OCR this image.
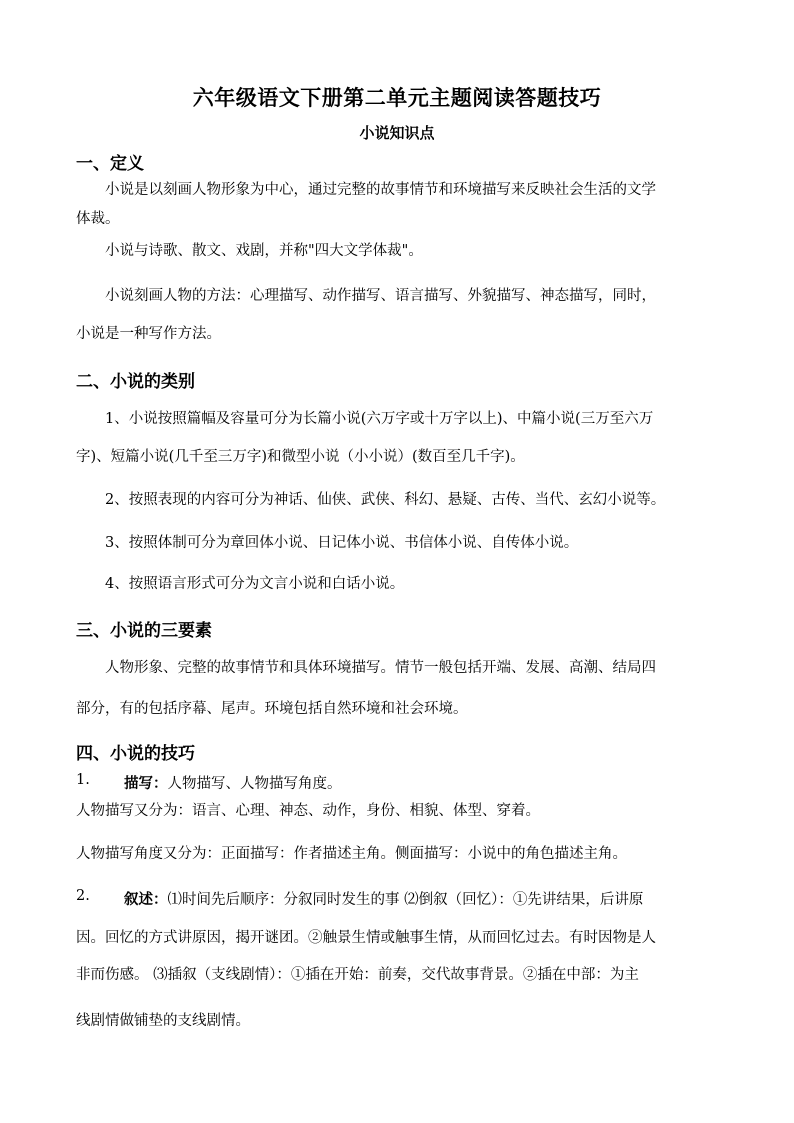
六年级语文下册第二单元主题阅读答题技巧
小说知识点
一、定义
小说是以刻画人物形象为中心，通过完整的故事情节和环境描写来反映社会生活的文学
体裁。
小说与诗歌、散文、戏剧，并称"四大文学体裁"。
小说刻画人物的方法：心理描写、动作描写、语言描写、外貌描写、神态描写，同时，
小说是一种写作方法。
二、小说的类别
1、小说按照篇幅及容量可分为长篇小说(六万字或十万字以上)、中篇小说(三万至六万
字)、短篇小说(几千至三万字)和微型小说（小小说）(数百至几千字)。
2、按照表现的内容可分为神话、仙侠、武侠、科幻、悬疑、古传、当代、玄幻小说等。
3、按照体制可分为章回体小说、日记体小说、书信体小说、自传体小说。
4、按照语言形式可分为文言小说和白话小说。
三、小说的三要素
人物形象、完整的故事情节和具体环境描写。情节一般包括开端、发展、高潮、结局四
部分，有的包括序幕、尾声。环境包括自然环境和社会环境。
四、小说的技巧
1. 描写：人物描写、人物描写角度。
人物描写又分为：语言、心理、神态、动作，身份、相貌、体型、穿着。
人物描写角度又分为：正面描写：作者描述主角。侧面描写：小说中的角色描述主角。
2. 叙述：⑴时间先后顺序：分叙同时发生的事 ⑵倒叙（回忆）：①先讲结果，后讲原
因。回忆的方式讲原因，揭开谜团。②触景生情或触事生情，从而回忆过去。有时因物是人
非而伤感。 ⑶插叙（支线剧情）：①插在开始：前奏，交代故事背景。②插在中部：为主
线剧情做铺垫的支线剧情。
